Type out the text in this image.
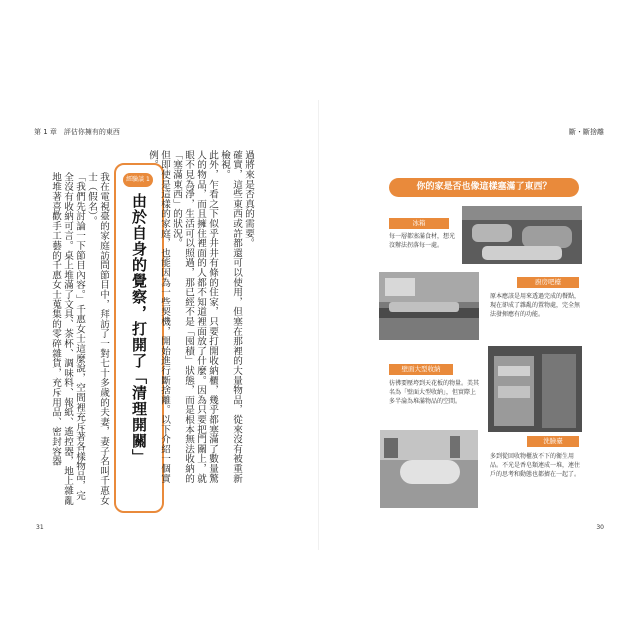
第 1 章　評估你擁有的東西	斷・斷捨離

我在電視臺的家庭訪問節目中，拜訪了一對七十多歲的夫妻，妻子名叫千惠女士（假名）。

「我們先討論一下節目內容。」千惠女士這麼說，空間裡充斥著各樣物品，完全沒有收納可言。桌上堆滿了文具、茶杯、調味料、報紙、遙控器，地上雜亂地堆著喜歡手工藝的千惠女士蒐集的零碎雜貨，充斥用品、密封容器	經驗談 1
由於自身的覺察，打開了「清理開關」	過將來是否真的需要。

確實，這些東西或許都還可以使用，但塞在那裡的大量物品，從來沒有被重新檢視。

此外，乍看之下似乎井井有條的住家，只要打開收納櫃，幾乎都塞滿了數量驚人的物品，而且擁住裡面的人都不知道裡面放了什麼。因為只要把門關上，就眼不見為淨，生活可以照過，那已經不是「囤積」狀態，而是根本無法收納的「塞滿東西」的狀況。

但即使是這樣的家庭，也能因為一些契機，開始進行斷捨離。以下介紹一個實例。

31	30
你的家是否也像這樣塞滿了東西？
冰箱
每一層都塞滿食材，想光沒辦法拐落每一處。
廚房吧檯
原本應該是用來透過完成的餐點，現在卻成了雜亂的置物處，完全無法發揮應有的功能。
壁面大型收納
彷彿要壓垮到天花板的物量。美其名為「壁面大型收納」，但實際上多半淪為堆滿物品的空間。
洗臉臺
多到從回收物櫃放不下的衛生用品。不光是香皂類連成一堆，連住戶的思考和動態也都擠在一起了。
